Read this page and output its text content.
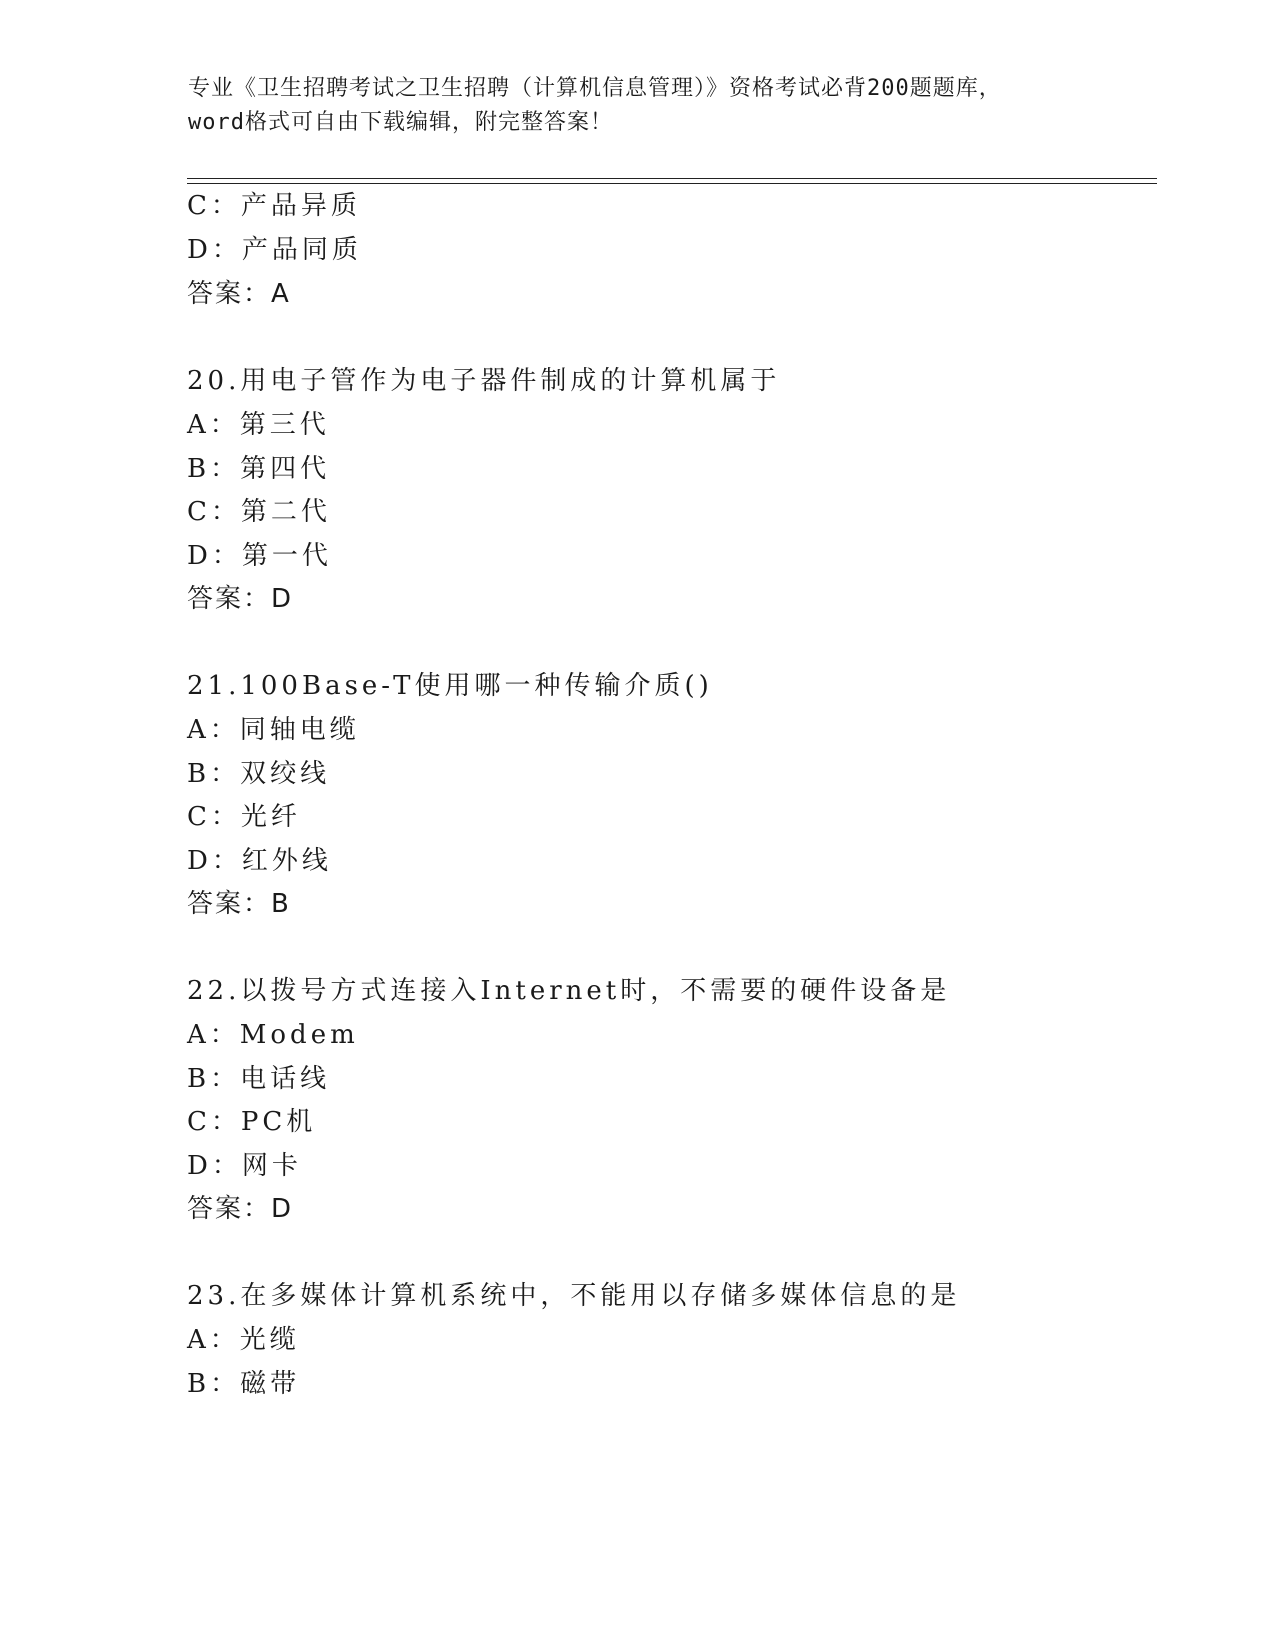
专业《卫生招聘考试之卫生招聘（计算机信息管理）》资格考试必背200题题库，
word格式可自由下载编辑，附完整答案！
C：产品异质
D：产品同质
答案：A
20.用电子管作为电子器件制成的计算机属于
A：第三代
B：第四代
C：第二代
D：第一代
答案：D
21.100Base-T使用哪一种传输介质()
A：同轴电缆
B：双绞线
C：光纤
D：红外线
答案：B
22.以拨号方式连接入Internet时，不需要的硬件设备是
A：Modem
B：电话线
C：PC机
D：网卡
答案：D
23.在多媒体计算机系统中，不能用以存储多媒体信息的是
A：光缆
B：磁带
